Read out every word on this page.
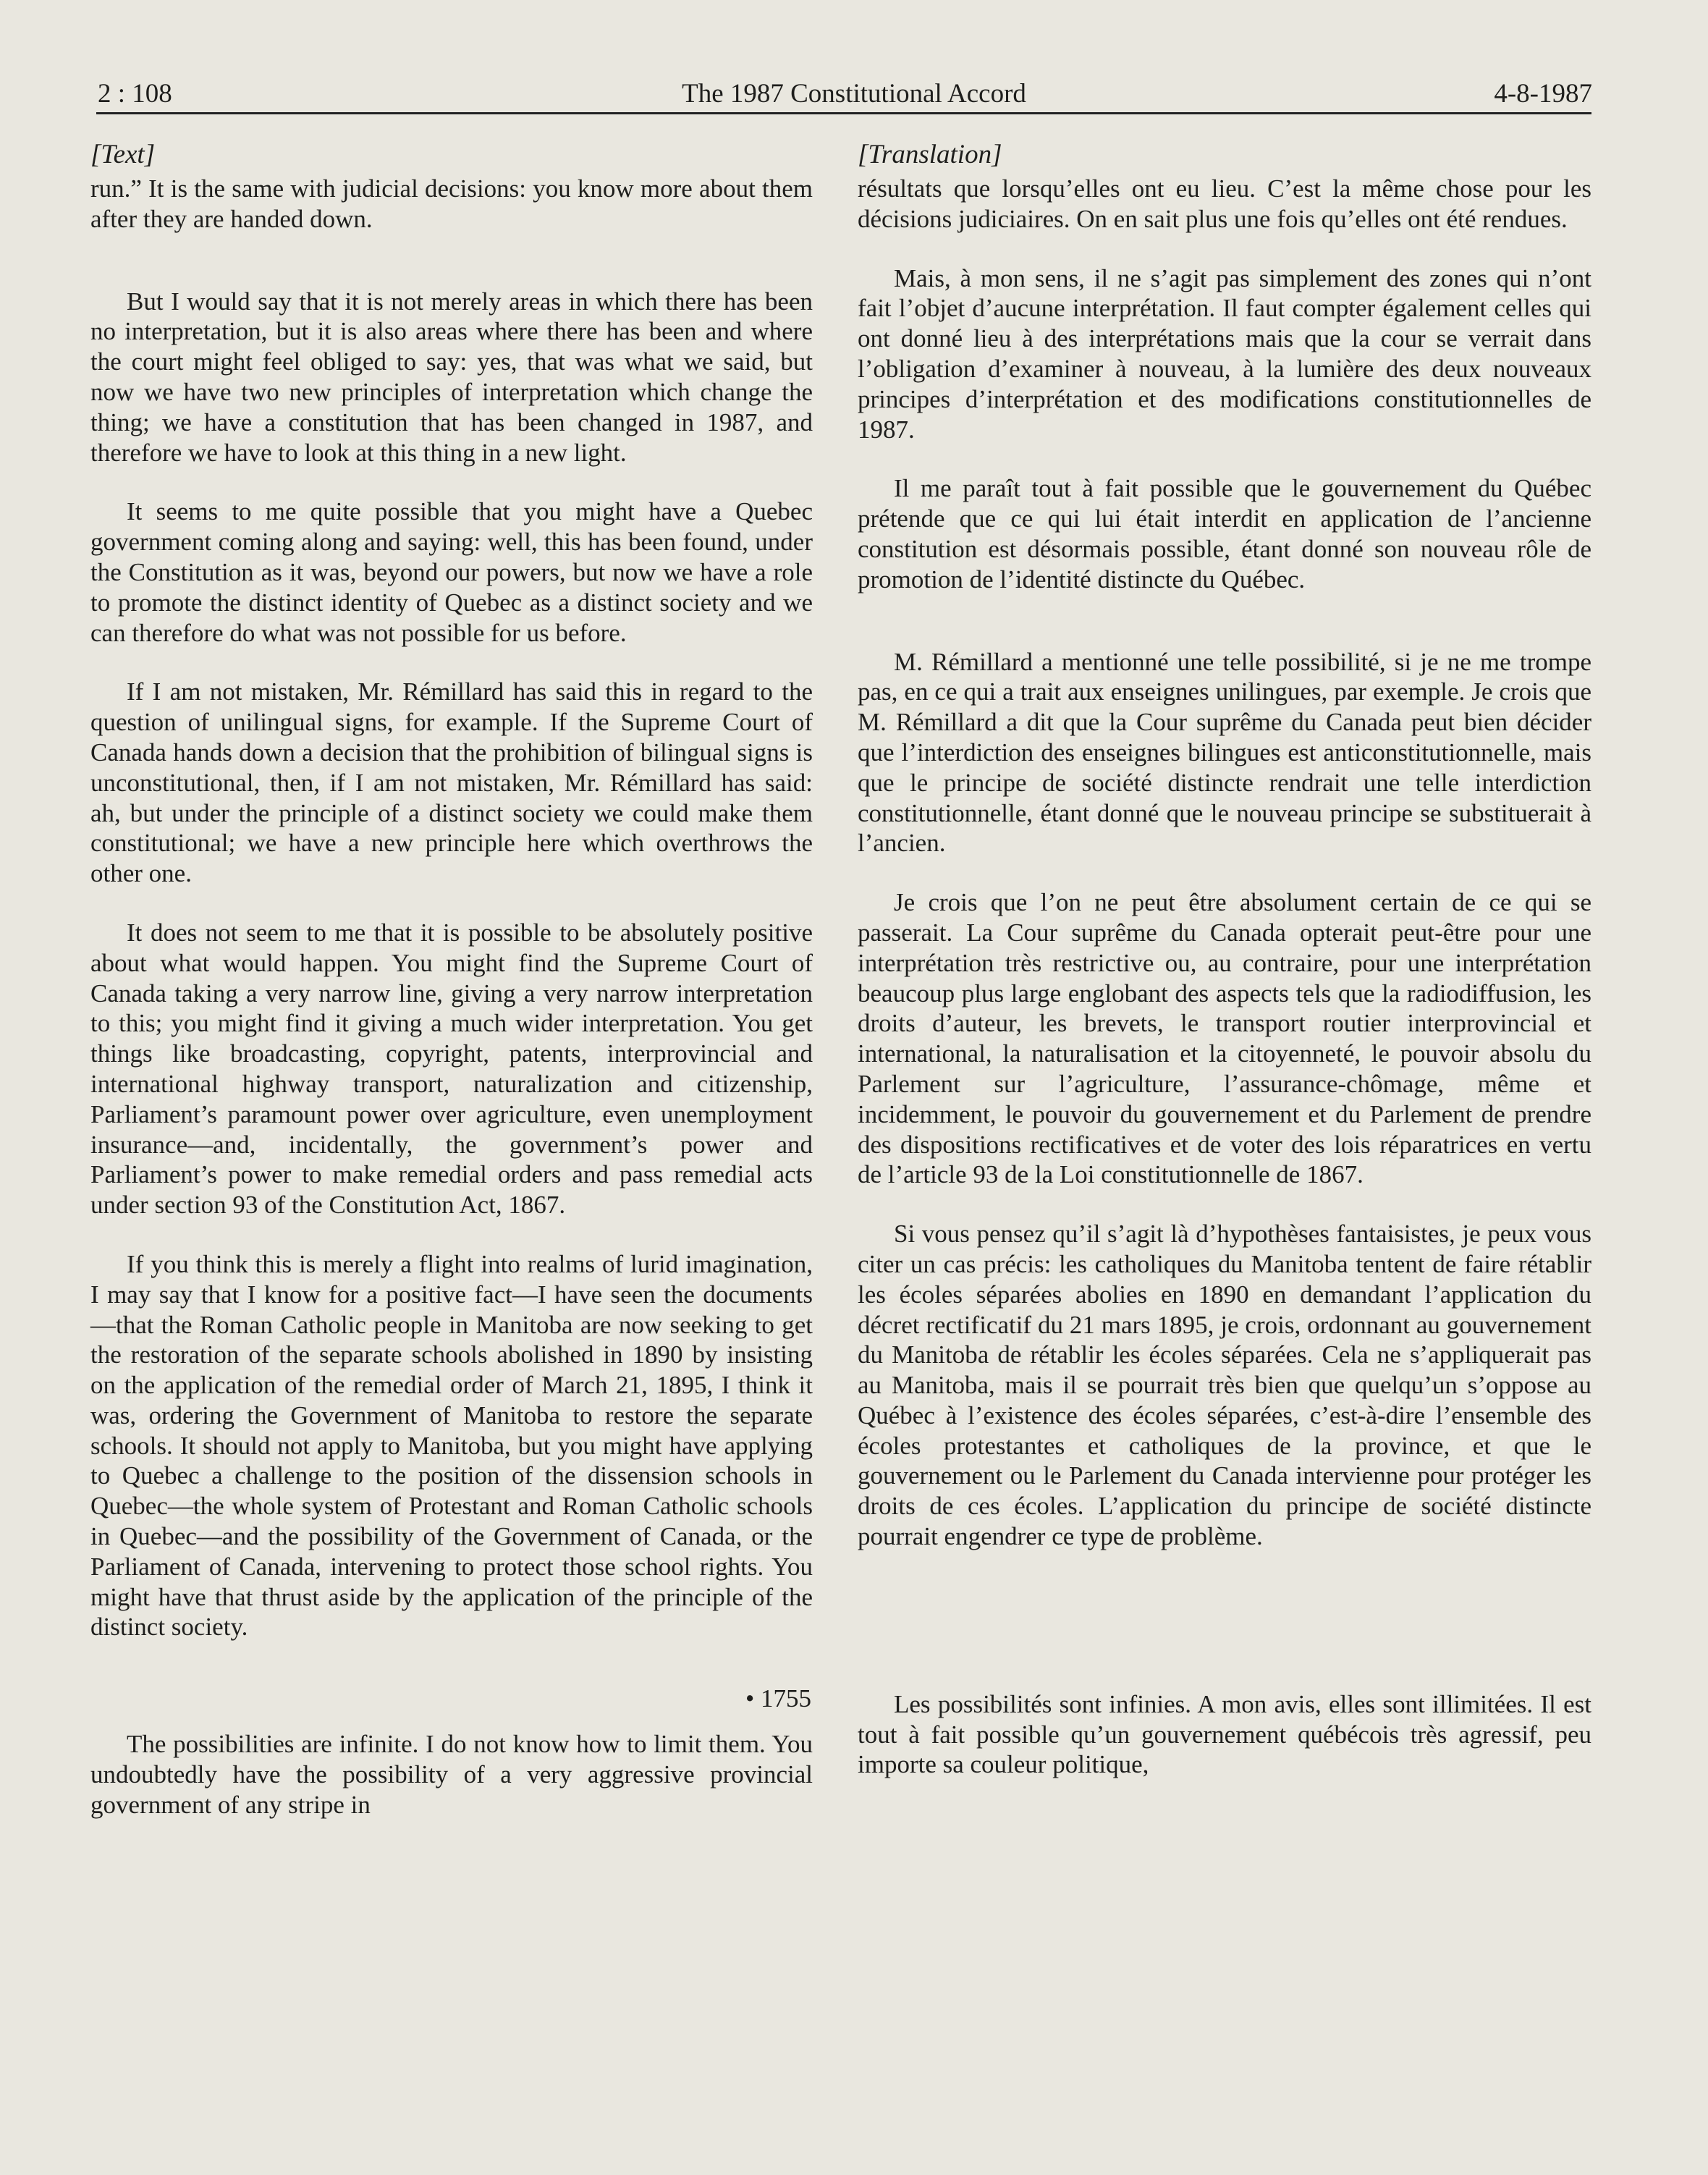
The 1987 Constitutional Accord
2 : 108	4-8-1987

[Text]

run.” It is the same with judicial decisions: you know more about them after they are handed down.

But I would say that it is not merely areas in which there has been no interpretation, but it is also areas where there has been and where the court might feel obliged to say: yes, that was what we said, but now we have two new principles of interpretation which change the thing; we have a constitution that has been changed in 1987, and therefore we have to look at this thing in a new light.

It seems to me quite possible that you might have a Quebec government coming along and saying: well, this has been found, under the Constitution as it was, beyond our powers, but now we have a role to promote the distinct identity of Quebec as a distinct society and we can therefore do what was not possible for us before.

If I am not mistaken, Mr. Rémillard has said this in regard to the question of unilingual signs, for example. If the Supreme Court of Canada hands down a decision that the prohibition of bilingual signs is unconstitutional, then, if I am not mistaken, Mr. Rémillard has said: ah, but under the principle of a distinct society we could make them constitutional; we have a new principle here which overthrows the other one.

It does not seem to me that it is possible to be absolutely positive about what would happen. You might find the Supreme Court of Canada taking a very narrow line, giving a very narrow interpretation to this; you might find it giving a much wider interpretation. You get things like broadcasting, copyright, patents, interprovincial and international highway transport, naturalization and citizenship, Parliament’s paramount power over agriculture, even unemployment insurance—and, incidentally, the government’s power and Parliament’s power to make remedial orders and pass remedial acts under section 93 of the Constitution Act, 1867.

If you think this is merely a flight into realms of lurid imagination, I may say that I know for a positive fact—I have seen the documents—that the Roman Catholic people in Manitoba are now seeking to get the restoration of the separate schools abolished in 1890 by insisting on the application of the remedial order of March 21, 1895, I think it was, ordering the Government of Manitoba to restore the separate schools. It should not apply to Manitoba, but you might have applying to Quebec a challenge to the position of the dissension schools in Quebec—the whole system of Protestant and Roman Catholic schools in Quebec—and the possibility of the Government of Canada, or the Parliament of Canada, intervening to protect those school rights. You might have that thrust aside by the application of the principle of the distinct society.

• 1755

The possibilities are infinite. I do not know how to limit them. You undoubtedly have the possibility of a very aggressive provincial government of any stripe in

[Translation]

résultats que lorsqu’elles ont eu lieu. C’est la même chose pour les décisions judiciaires. On en sait plus une fois qu’elles ont été rendues.

Mais, à mon sens, il ne s’agit pas simplement des zones qui n’ont fait l’objet d’aucune interprétation. Il faut compter également celles qui ont donné lieu à des interprétations mais que la cour se verrait dans l’obligation d’examiner à nouveau, à la lumière des deux nouveaux principes d’interprétation et des modifications constitutionnelles de 1987.

Il me paraît tout à fait possible que le gouvernement du Québec prétende que ce qui lui était interdit en application de l’ancienne constitution est désormais possible, étant donné son nouveau rôle de promotion de l’identité distincte du Québec.

M. Rémillard a mentionné une telle possibilité, si je ne me trompe pas, en ce qui a trait aux enseignes unilingues, par exemple. Je crois que M. Rémillard a dit que la Cour suprême du Canada peut bien décider que l’interdiction des enseignes bilingues est anticonstitutionnelle, mais que le principe de société distincte rendrait une telle interdiction constitutionnelle, étant donné que le nouveau principe se substituerait à l’ancien.

Je crois que l’on ne peut être absolument certain de ce qui se passerait. La Cour suprême du Canada opterait peut-être pour une interprétation très restrictive ou, au contraire, pour une interprétation beaucoup plus large englobant des aspects tels que la radiodiffusion, les droits d’auteur, les brevets, le transport routier interprovincial et international, la naturalisation et la citoyenneté, le pouvoir absolu du Parlement sur l’agriculture, l’assurance-chômage, même et incidemment, le pouvoir du gouvernement et du Parlement de prendre des dispositions rectificatives et de voter des lois réparatrices en vertu de l’article 93 de la Loi constitutionnelle de 1867.

Si vous pensez qu’il s’agit là d’hypothèses fantaisistes, je peux vous citer un cas précis: les catholiques du Manitoba tentent de faire rétablir les écoles séparées abolies en 1890 en demandant l’application du décret rectificatif du 21 mars 1895, je crois, ordonnant au gouvernement du Manitoba de rétablir les écoles séparées. Cela ne s’appliquerait pas au Manitoba, mais il se pourrait très bien que quelqu’un s’oppose au Québec à l’existence des écoles séparées, c’est-à-dire l’ensemble des écoles protestantes et catholiques de la province, et que le gouvernement ou le Parlement du Canada intervienne pour protéger les droits de ces écoles. L’application du principe de société distincte pourrait engendrer ce type de problème.

Les possibilités sont infinies. A mon avis, elles sont illimitées. Il est tout à fait possible qu’un gouvernement québécois très agressif, peu importe sa couleur politique,
